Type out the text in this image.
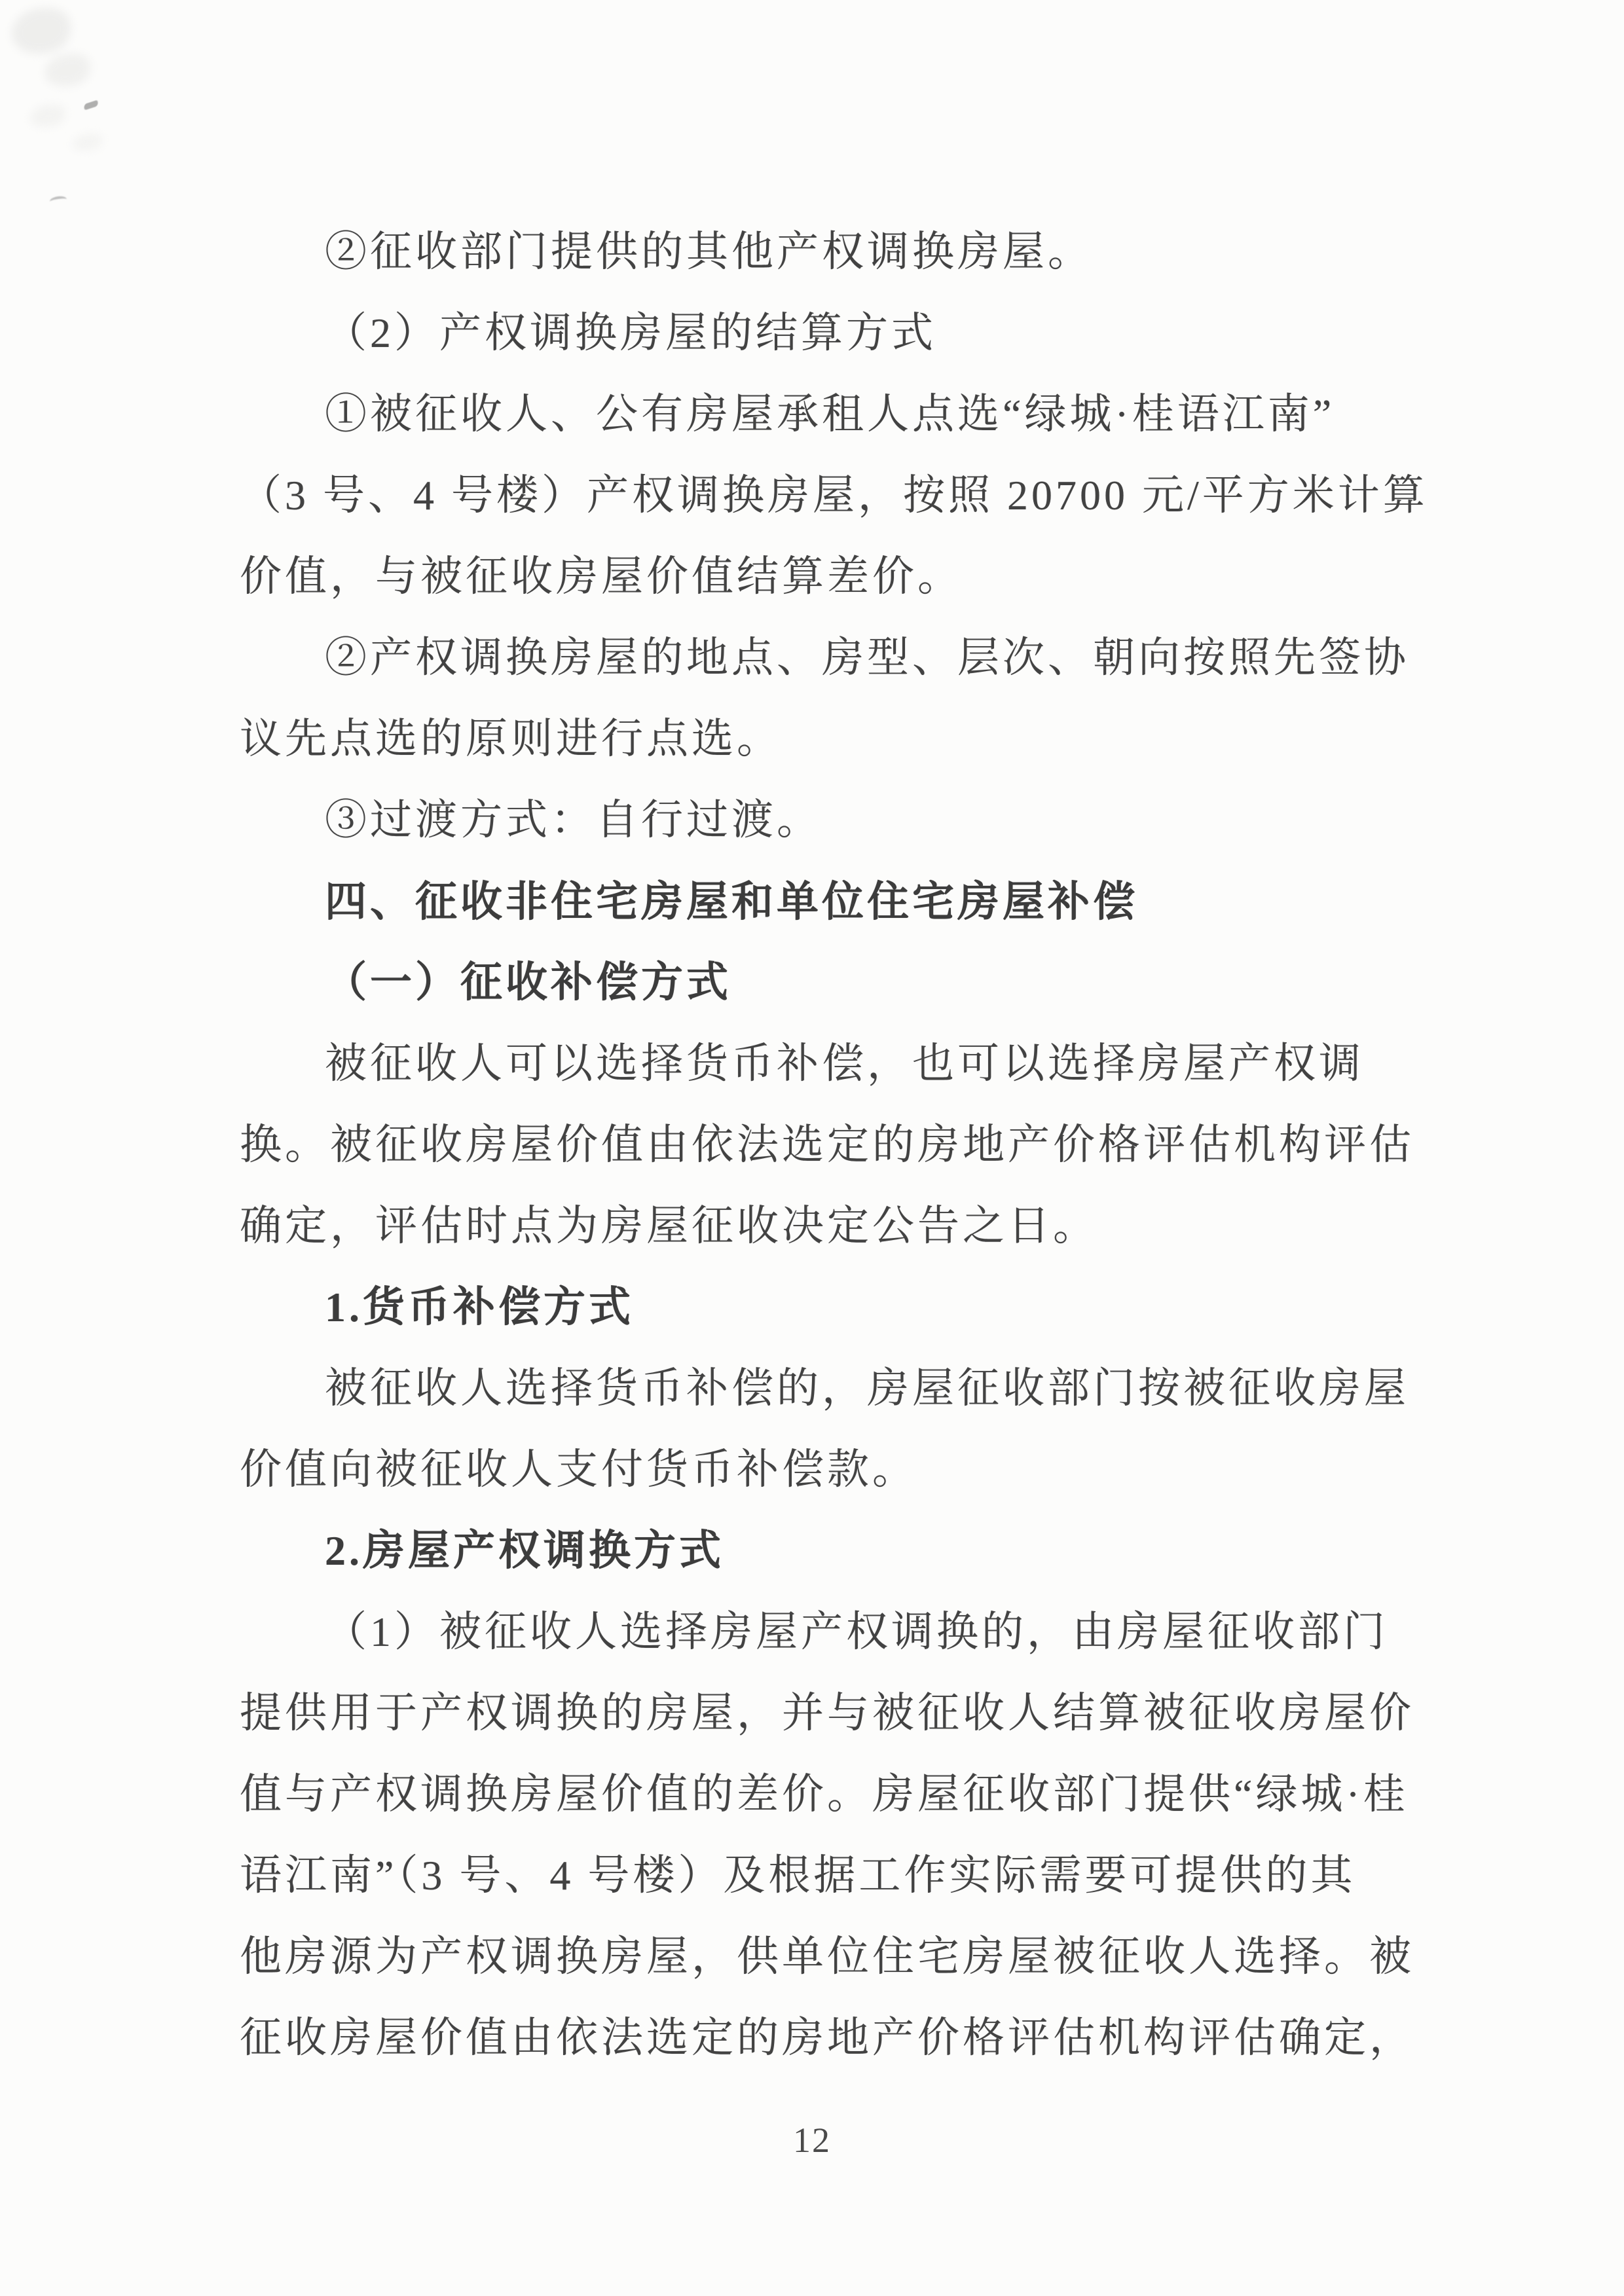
②征收部门提供的其他产权调换房屋。
（2）产权调换房屋的结算方式
①被征收人、公有房屋承租人点选“绿城·桂语江南”
（3 号、4 号楼）产权调换房屋，按照 20700 元/平方米计算
价值，与被征收房屋价值结算差价。
②产权调换房屋的地点、房型、层次、朝向按照先签协
议先点选的原则进行点选。
③过渡方式：自行过渡。
四、征收非住宅房屋和单位住宅房屋补偿
（一）征收补偿方式
被征收人可以选择货币补偿，也可以选择房屋产权调
换。被征收房屋价值由依法选定的房地产价格评估机构评估
确定，评估时点为房屋征收决定公告之日。
1.货币补偿方式
被征收人选择货币补偿的，房屋征收部门按被征收房屋
价值向被征收人支付货币补偿款。
2.房屋产权调换方式
（1）被征收人选择房屋产权调换的，由房屋征收部门
提供用于产权调换的房屋，并与被征收人结算被征收房屋价
值与产权调换房屋价值的差价。房屋征收部门提供“绿城·桂
语江南”（3 号、4 号楼）及根据工作实际需要可提供的其
他房源为产权调换房屋，供单位住宅房屋被征收人选择。被
征收房屋价值由依法选定的房地产价格评估机构评估确定，
12
